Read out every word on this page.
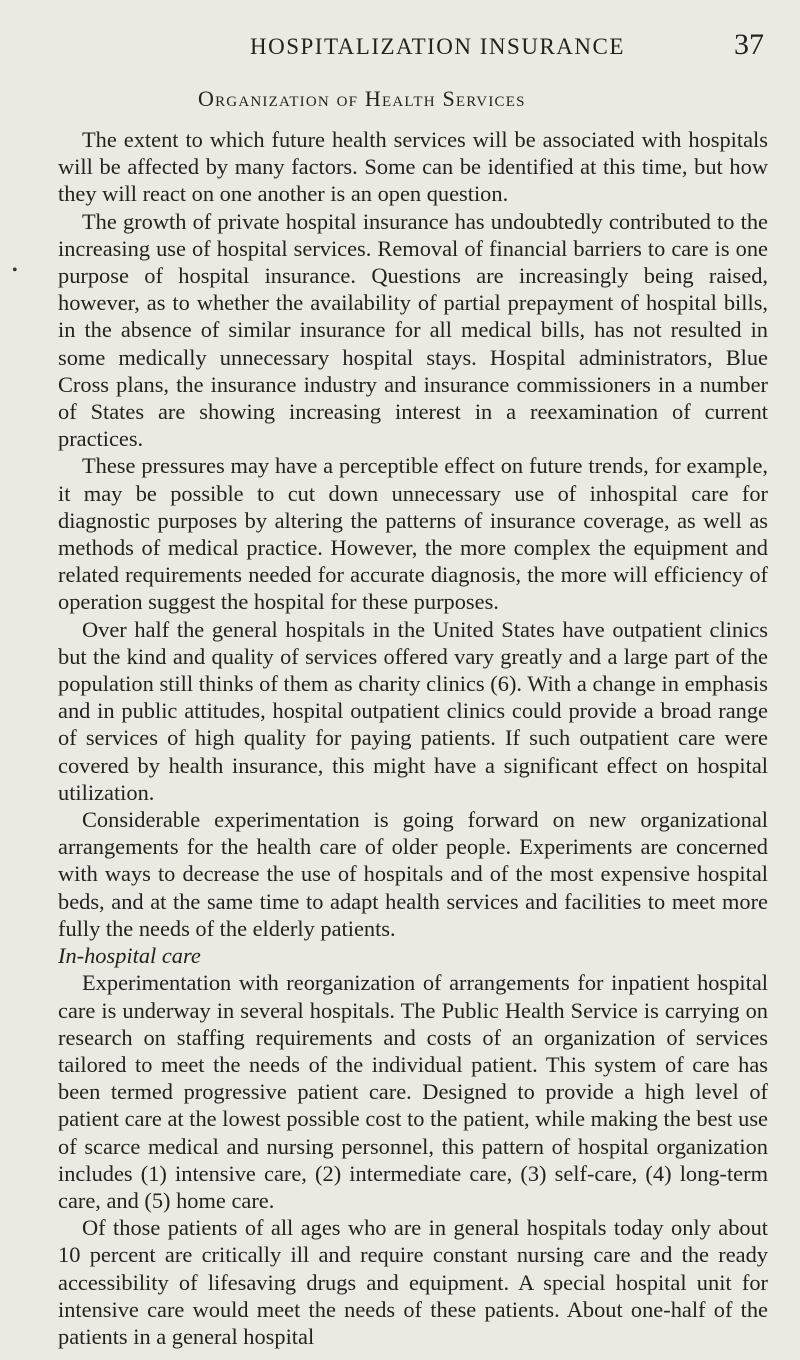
•
HOSPITALIZATION INSURANCE	37
Organization of Health Services

The extent to which future health services will be associated with hospitals will be affected by many factors. Some can be identified at this time, but how they will react on one another is an open question.

The growth of private hospital insurance has undoubtedly contributed to the increasing use of hospital services. Removal of financial barriers to care is one purpose of hospital insurance. Questions are increasingly being raised, however, as to whether the availability of partial prepayment of hospital bills, in the absence of similar insurance for all medical bills, has not resulted in some medically unnecessary hospital stays. Hospital administrators, Blue Cross plans, the insurance industry and insurance commissioners in a number of States are showing increasing interest in a reexamination of current practices.

These pressures may have a perceptible effect on future trends, for example, it may be possible to cut down unnecessary use of inhospital care for diagnostic purposes by altering the patterns of insurance coverage, as well as methods of medical practice. However, the more complex the equipment and related requirements needed for accurate diagnosis, the more will efficiency of operation suggest the hospital for these purposes.

Over half the general hospitals in the United States have outpatient clinics but the kind and quality of services offered vary greatly and a large part of the population still thinks of them as charity clinics (6). With a change in emphasis and in public attitudes, hospital outpatient clinics could provide a broad range of services of high quality for paying patients. If such outpatient care were covered by health insurance, this might have a significant effect on hospital utilization.

Considerable experimentation is going forward on new organizational arrangements for the health care of older people. Experiments are concerned with ways to decrease the use of hospitals and of the most expensive hospital beds, and at the same time to adapt health services and facilities to meet more fully the needs of the elderly patients.

In-hospital care

Experimentation with reorganization of arrangements for inpatient hospital care is underway in several hospitals. The Public Health Service is carrying on research on staffing requirements and costs of an organization of services tailored to meet the needs of the individual patient. This system of care has been termed progressive patient care. Designed to provide a high level of patient care at the lowest possible cost to the patient, while making the best use of scarce medical and nursing personnel, this pattern of hospital organization includes (1) intensive care, (2) intermediate care, (3) self-care, (4) long-term care, and (5) home care.

Of those patients of all ages who are in general hospitals today only about 10 percent are critically ill and require constant nursing care and the ready accessibility of lifesaving drugs and equipment. A special hospital unit for intensive care would meet the needs of these patients. About one-half of the patients in a general hospital
